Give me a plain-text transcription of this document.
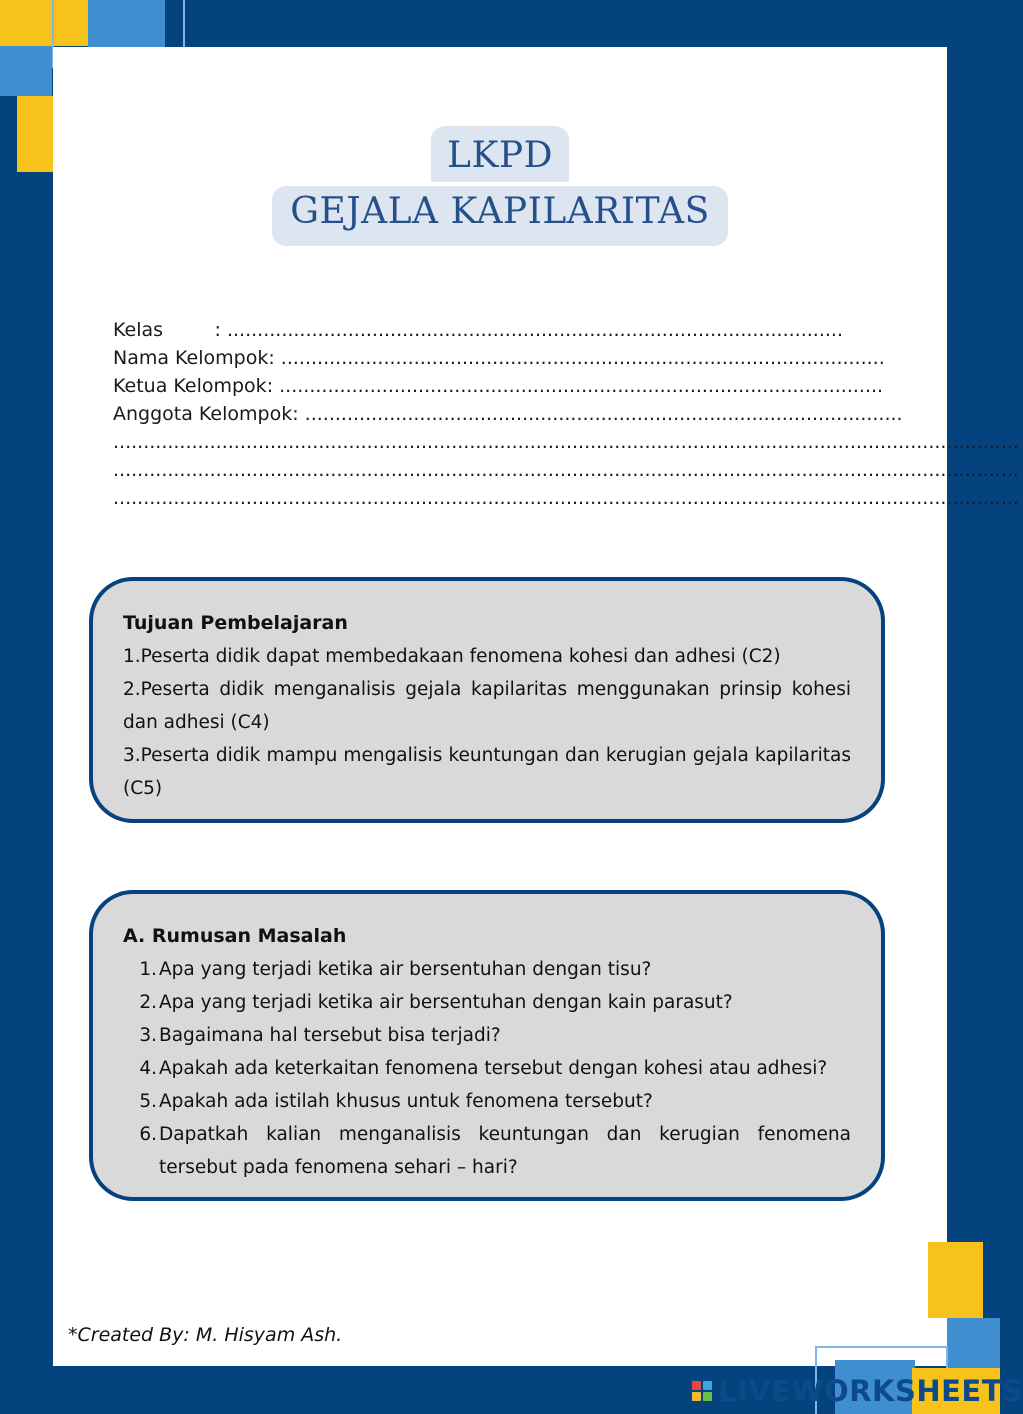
LKPD
GEJALA KAPILARITAS
Kelas	: ......................................................................................................
Nama Kelompok : ....................................................................................................
Ketua Kelompok : ....................................................................................................
Anggota Kelompok : ...................................................................................................
......................................................................................................................................................
......................................................................................................................................................
......................................................................................................................................................
Tujuan Pembelajaran

1.Peserta didik dapat membedakaan fenomena kohesi dan adhesi (C2)

2.Peserta didik menganalisis gejala kapilaritas menggunakan prinsip kohesi dan adhesi (C4)

3.Peserta didik mampu mengalisis keuntungan dan kerugian gejala kapilaritas (C5)

A. Rumusan Masalah
1. Apa yang terjadi ketika air bersentuhan dengan tisu?
2. Apa yang terjadi ketika air bersentuhan dengan kain parasut?
3. Bagaimana hal tersebut bisa terjadi?
4. Apakah ada keterkaitan fenomena tersebut dengan kohesi atau adhesi?
5. Apakah ada istilah khusus untuk fenomena tersebut?
6. Dapatkah kalian menganalisis keuntungan dan kerugian fenomena tersebut pada fenomena sehari – hari?
*Created By: M. Hisyam Ash.
LIVEWORKSHEETS
